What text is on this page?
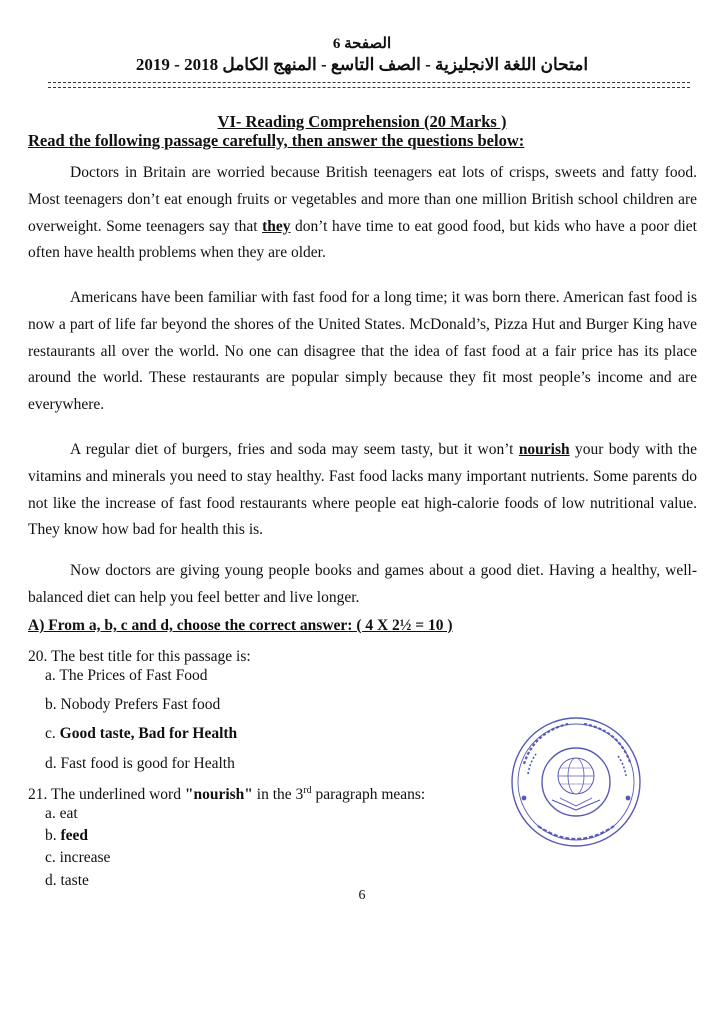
الصفحة 6
امتحان اللغة الانجليزية - الصف التاسع - المنهج الكامل 2018 - 2019
VI- Reading Comprehension (20 Marks )
Read the following passage carefully, then answer the questions below:

Doctors in Britain are worried because British teenagers eat lots of crisps, sweets and fatty food. Most teenagers don’t eat enough fruits or vegetables and more than one million British school children are overweight. Some teenagers say that they don’t have time to eat good food, but kids who have a poor diet often have health problems when they are older.

Americans have been familiar with fast food for a long time; it was born there. American fast food is now a part of life far beyond the shores of the United States. McDonald’s, Pizza Hut and Burger King have restaurants all over the world. No one can disagree that the idea of fast food at a fair price has its place around the world. These restaurants are popular simply because they fit most people’s income and are everywhere.

A regular diet of burgers, fries and soda may seem tasty, but it won’t nourish your body with the vitamins and minerals you need to stay healthy. Fast food lacks many important nutrients. Some parents do not like the increase of fast food restaurants where people eat high-calorie foods of low nutritional value. They know how bad for health this is.

Now doctors are giving young people books and games about a good diet. Having a healthy, well-balanced diet can help you feel better and live longer.

A) From a, b, c and d, choose the correct answer: ( 4 X 2½ = 10 )
20. The best title for this passage is:
a. The Prices of Fast Food
b. Nobody Prefers Fast food
c. Good taste, Bad for Health
d. Fast food is good for Health
21. The underlined word "nourish" in the 3rd paragraph means:
a. eat
b. feed
c. increase
d. taste
6
